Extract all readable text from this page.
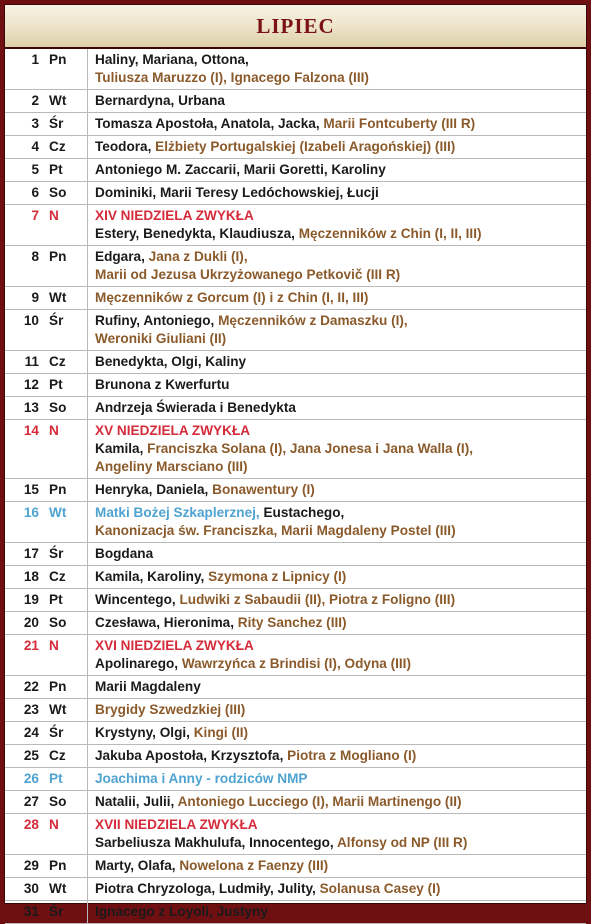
LIPIEC
1	Pn	Haliny, Mariana, Ottona,
Tuliusza Maruzzo (I), Ignacego Falzona (III)

2	Wt	Bernardyna, Urbana

3	Śr	Tomasza Apostoła, Anatola, Jacka, Marii Fontcuberty (III R)

4	Cz	Teodora, Elżbiety Portugalskiej (Izabeli Aragońskiej) (III)

5	Pt	Antoniego M. Zaccarii, Marii Goretti, Karoliny

6	So	Dominiki, Marii Teresy Ledóchowskiej, Łucji

7	N	XIV NIEDZIELA ZWYKŁA
Estery, Benedykta, Klaudiusza, Męczenników z Chin (I, II, III)

8	Pn	Edgara, Jana z Dukli (I),
Marii od Jezusa Ukrzyżowanego Petkovič (III R)

9	Wt	Męczenników z Gorcum (I) i z Chin (I, II, III)

10	Śr	Rufiny, Antoniego, Męczenników z Damaszku (I),
Weroniki Giuliani (II)

11	Cz	Benedykta, Olgi, Kaliny

12	Pt	Brunona z Kwerfurtu

13	So	Andrzeja Świerada i Benedykta

14	N	XV NIEDZIELA ZWYKŁA
Kamila, Franciszka Solana (I), Jana Jonesa i Jana Walla (I),
Angeliny Marsciano (III)

15	Pn	Henryka, Daniela, Bonawentury (I)

16	Wt	Matki Bożej Szkaplerznej, Eustachego,
Kanonizacja św. Franciszka, Marii Magdaleny Postel (III)

17	Śr	Bogdana

18	Cz	Kamila, Karoliny, Szymona z Lipnicy (I)

19	Pt	Wincentego, Ludwiki z Sabaudii (II), Piotra z Foligno (III)

20	So	Czesława, Hieronima, Rity Sanchez (III)

21	N	XVI NIEDZIELA ZWYKŁA
Apolinarego, Wawrzyńca z Brindisi (I), Odyna (III)

22	Pn	Marii Magdaleny

23	Wt	Brygidy Szwedzkiej (III)

24	Śr	Krystyny, Olgi, Kingi (II)

25	Cz	Jakuba Apostoła, Krzysztofa, Piotra z Mogliano (I)

26	Pt	Joachima i Anny - rodziców NMP

27	So	Natalii, Julii, Antoniego Lucciego (I), Marii Martinengo (II)

28	N	XVII NIEDZIELA ZWYKŁA
Sarbeliusza Makhulufa, Innocentego, Alfonsy od NP (III R)

29	Pn	Marty, Olafa, Nowelona z Faenzy (III)

30	Wt	Piotra Chryzologa, Ludmiły, Julity, Solanusa Casey (I)

31	Śr	Ignacego z Loyoli, Justyny
